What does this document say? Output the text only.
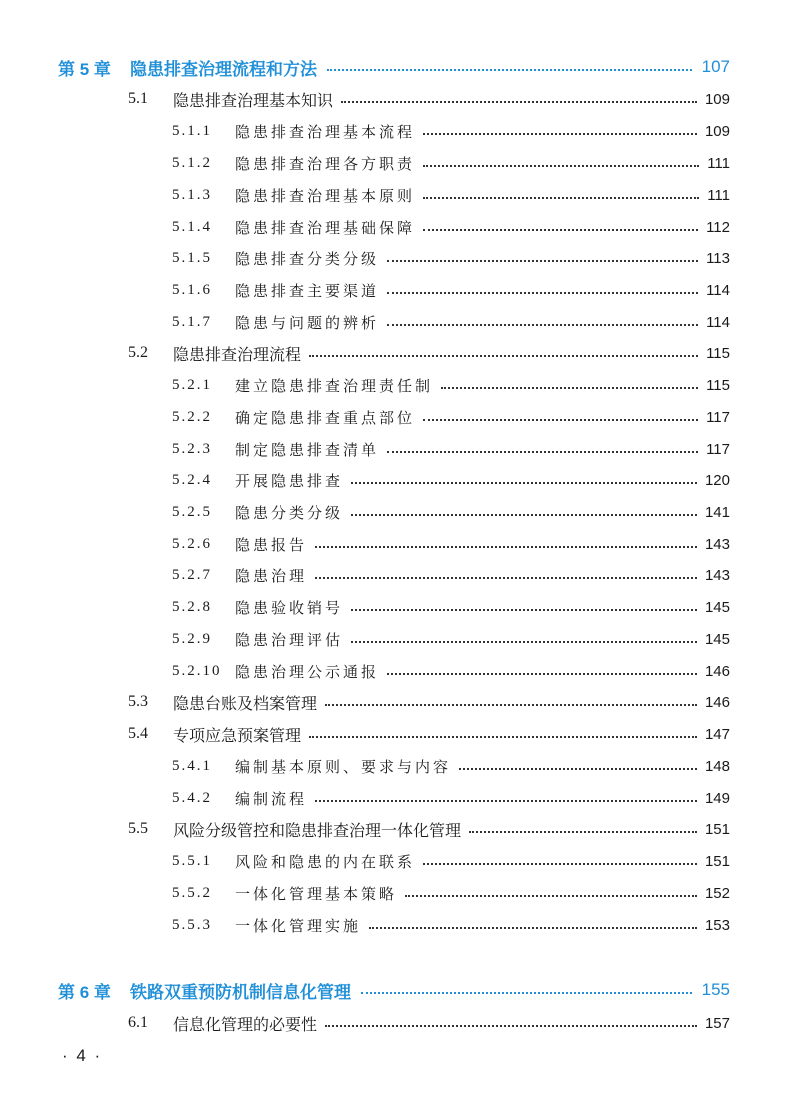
第 5 章	隐患排查治理流程和方法	107
5.1	隐患排查治理基本知识	109
5.1.1	隐患排查治理基本流程	109
5.1.2	隐患排查治理各方职责	111
5.1.3	隐患排查治理基本原则	111
5.1.4	隐患排查治理基础保障	112
5.1.5	隐患排查分类分级	113
5.1.6	隐患排查主要渠道	114
5.1.7	隐患与问题的辨析	114
5.2	隐患排查治理流程	115
5.2.1	建立隐患排查治理责任制	115
5.2.2	确定隐患排查重点部位	117
5.2.3	制定隐患排查清单	117
5.2.4	开展隐患排查	120
5.2.5	隐患分类分级	141
5.2.6	隐患报告	143
5.2.7	隐患治理	143
5.2.8	隐患验收销号	145
5.2.9	隐患治理评估	145
5.2.10 隐患治理公示通报	146
5.3	隐患台账及档案管理	146
5.4	专项应急预案管理	147
5.4.1	编制基本原则、要求与内容	148
5.4.2	编制流程	149
5.5	风险分级管控和隐患排查治理一体化管理	151
5.5.1	风险和隐患的内在联系	151
5.5.2	一体化管理基本策略	152
5.5.3	一体化管理实施	153
第 6 章	铁路双重预防机制信息化管理	155
6.1	信息化管理的必要性	157
· 4 ·
